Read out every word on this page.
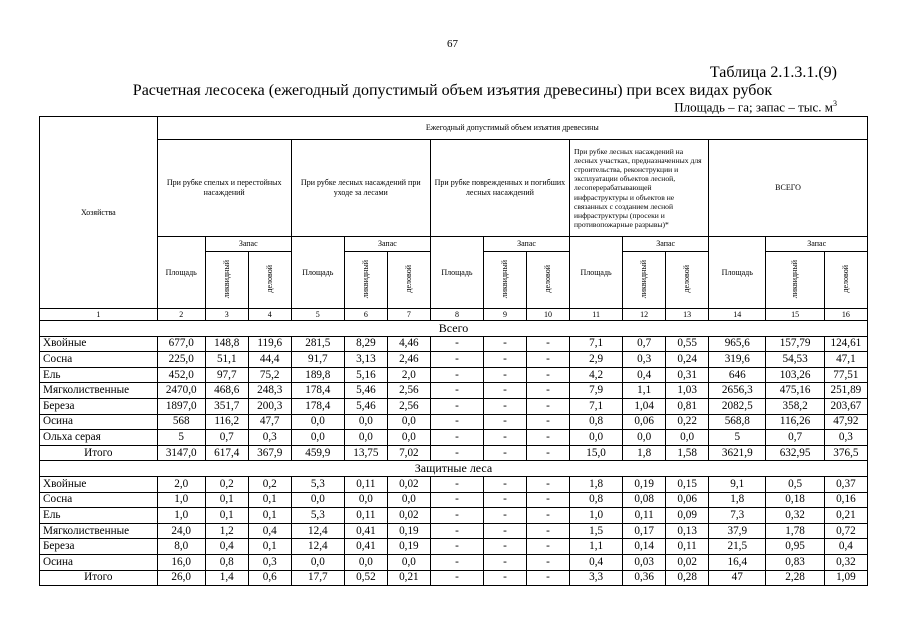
67
Таблица 2.1.3.1.(9)
Расчетная лесосека (ежегодный допустимый объем изъятия древесины) при всех видах рубок
Площадь – га; запас – тыс. $м^3$
Хозяйства	Ежегодный допустимый объем изъятия древесины														
	При рубке спелых и перестойных насаждений			При рубке лесных насаждений при уходе за лесами			При рубке поврежденных и погибших лесных насаждений			При рубке лесных насаждений на лесных участках, предназначенных для строительства, реконструкции и эксплуатации объектов лесной, лесоперерабатывающей инфраструктуры и объектов не связанных с созданием лесной инфраструктуры (просеки и противопожарные разрывы)*			ВСЕГО		
	Площадь	Запас		Площадь	Запас		Площадь	Запас		Площадь	Запас		Площадь	Запас	
		ликвидный	деловой		ликвидный	деловой		ликвидный	деловой		ликвидный	деловой		ликвидный	деловой
1	2	3	4	5	6	7	8	9	10	11	12	13	14	15	16
Всего															
Хвойные	677,0	148,8	119,6	281,5	8,29	4,46	-	-	-	7,1	0,7	0,55	965,6	157,79	124,61
Сосна	225,0	51,1	44,4	91,7	3,13	2,46	-	-	-	2,9	0,3	0,24	319,6	54,53	47,1
Ель	452,0	97,7	75,2	189,8	5,16	2,0	-	-	-	4,2	0,4	0,31	646	103,26	77,51
Мягколиственные	2470,0	468,6	248,3	178,4	5,46	2,56	-	-	-	7,9	1,1	1,03	2656,3	475,16	251,89
Береза	1897,0	351,7	200,3	178,4	5,46	2,56	-	-	-	7,1	1,04	0,81	2082,5	358,2	203,67
Осина	568	116,2	47,7	0,0	0,0	0,0	-	-	-	0,8	0,06	0,22	568,8	116,26	47,92
Ольха серая	5	0,7	0,3	0,0	0,0	0,0	-	-	-	0,0	0,0	0,0	5	0,7	0,3
Итого	3147,0	617,4	367,9	459,9	13,75	7,02	-	-	-	15,0	1,8	1,58	3621,9	632,95	376,5
Защитные леса															
Хвойные	2,0	0,2	0,2	5,3	0,11	0,02	-	-	-	1,8	0,19	0,15	9,1	0,5	0,37
Сосна	1,0	0,1	0,1	0,0	0,0	0,0	-	-	-	0,8	0,08	0,06	1,8	0,18	0,16
Ель	1,0	0,1	0,1	5,3	0,11	0,02	-	-	-	1,0	0,11	0,09	7,3	0,32	0,21
Мягколиственные	24,0	1,2	0,4	12,4	0,41	0,19	-	-	-	1,5	0,17	0,13	37,9	1,78	0,72
Береза	8,0	0,4	0,1	12,4	0,41	0,19	-	-	-	1,1	0,14	0,11	21,5	0,95	0,4
Осина	16,0	0,8	0,3	0,0	0,0	0,0	-	-	-	0,4	0,03	0,02	16,4	0,83	0,32
Итого	26,0	1,4	0,6	17,7	0,52	0,21	-	-	-	3,3	0,36	0,28	47	2,28	1,09
